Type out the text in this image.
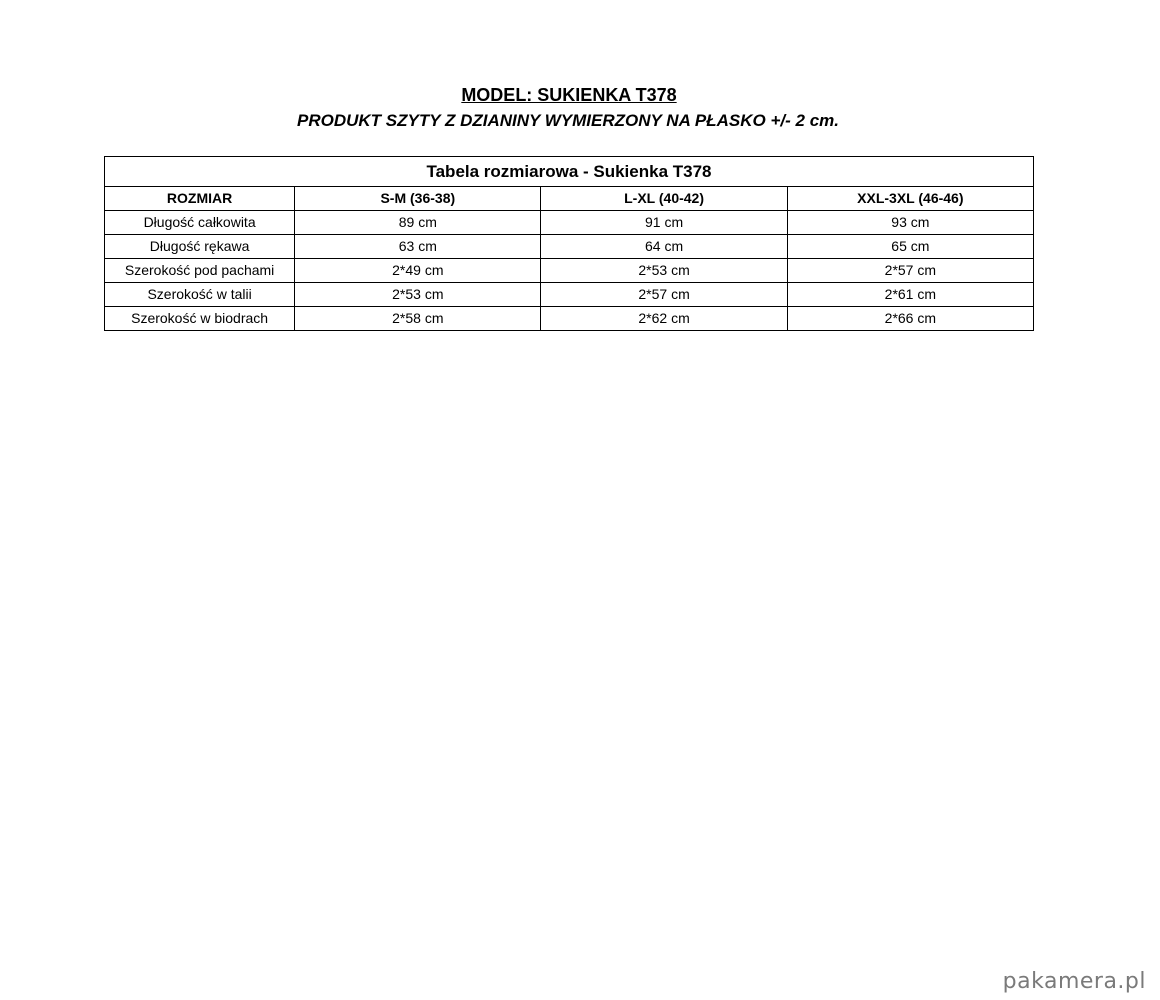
MODEL: SUKIENKA T378
PRODUKT SZYTY Z DZIANINY WYMIERZONY NA PŁASKO +/- 2 cm.
Tabela rozmiarowa - Sukienka T378			
ROZMIAR	S-M (36-38)	L-XL (40-42)	XXL-3XL (46-46)
Długość całkowita	89 cm	91 cm	93 cm
Długość rękawa	63 cm	64 cm	65 cm
Szerokość pod pachami	2*49 cm	2*53 cm	2*57 cm
Szerokość w talii	2*53 cm	2*57 cm	2*61 cm
Szerokość w biodrach	2*58 cm	2*62 cm	2*66 cm
pakamera.pl
